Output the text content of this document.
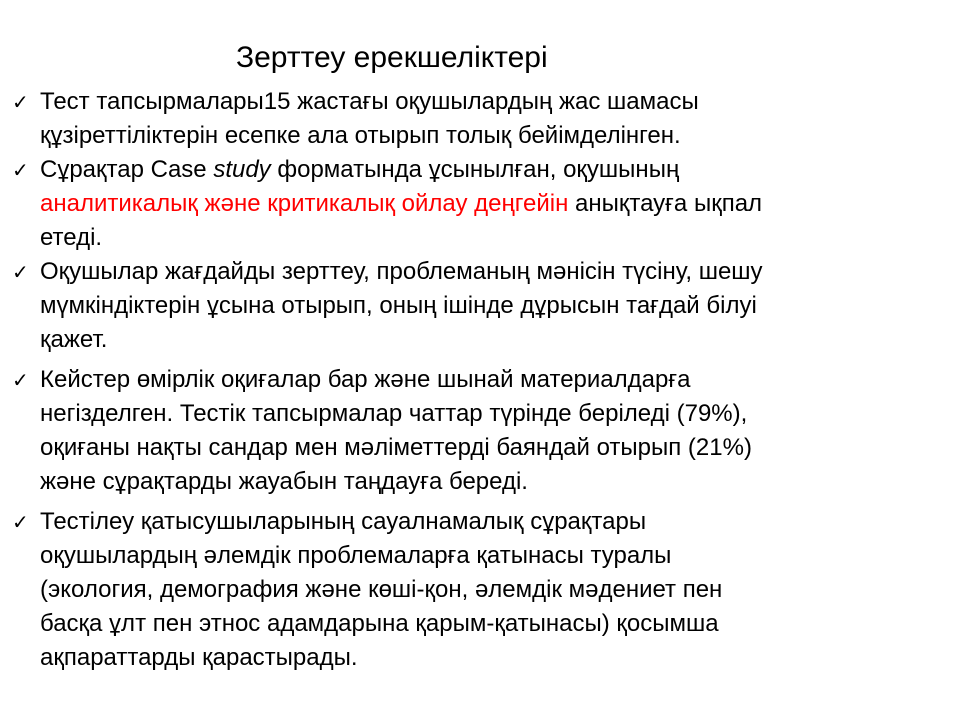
Зерттеу ерекшеліктері
✓ Тест тапсырмалары15 жастағы оқушылардың жас шамасы
құзіреттіліктерін есепке ала отырып толық бейімделінген.
✓ Сұрақтар Case study форматында ұсынылған, оқушының
аналитикалық және критикалық ойлау деңгейін анықтауға ықпал
етеді.
✓ Оқушылар жағдайды зерттеу, проблеманың мәнісін түсіну, шешу
мүмкіндіктерін ұсына отырып, оның ішінде дұрысын тағдай білуі
қажет.
✓ Кейстер өмірлік оқиғалар бар және шынай материалдарға
негізделген. Тестік тапсырмалар чаттар түрінде беріледі (79%),
оқиғаны нақты сандар мен мәліметтерді баяндай отырып (21%)
және сұрақтарды жауабын таңдауға береді.
✓ Тестілеу қатысушыларының сауалнамалық сұрақтары
оқушылардың әлемдік проблемаларға қатынасы туралы
(экология, демография және көші-қон, әлемдік мәдениет пен
басқа ұлт пен этнос адамдарына қарым-қатынасы) қосымша
ақпараттарды қарастырады.
